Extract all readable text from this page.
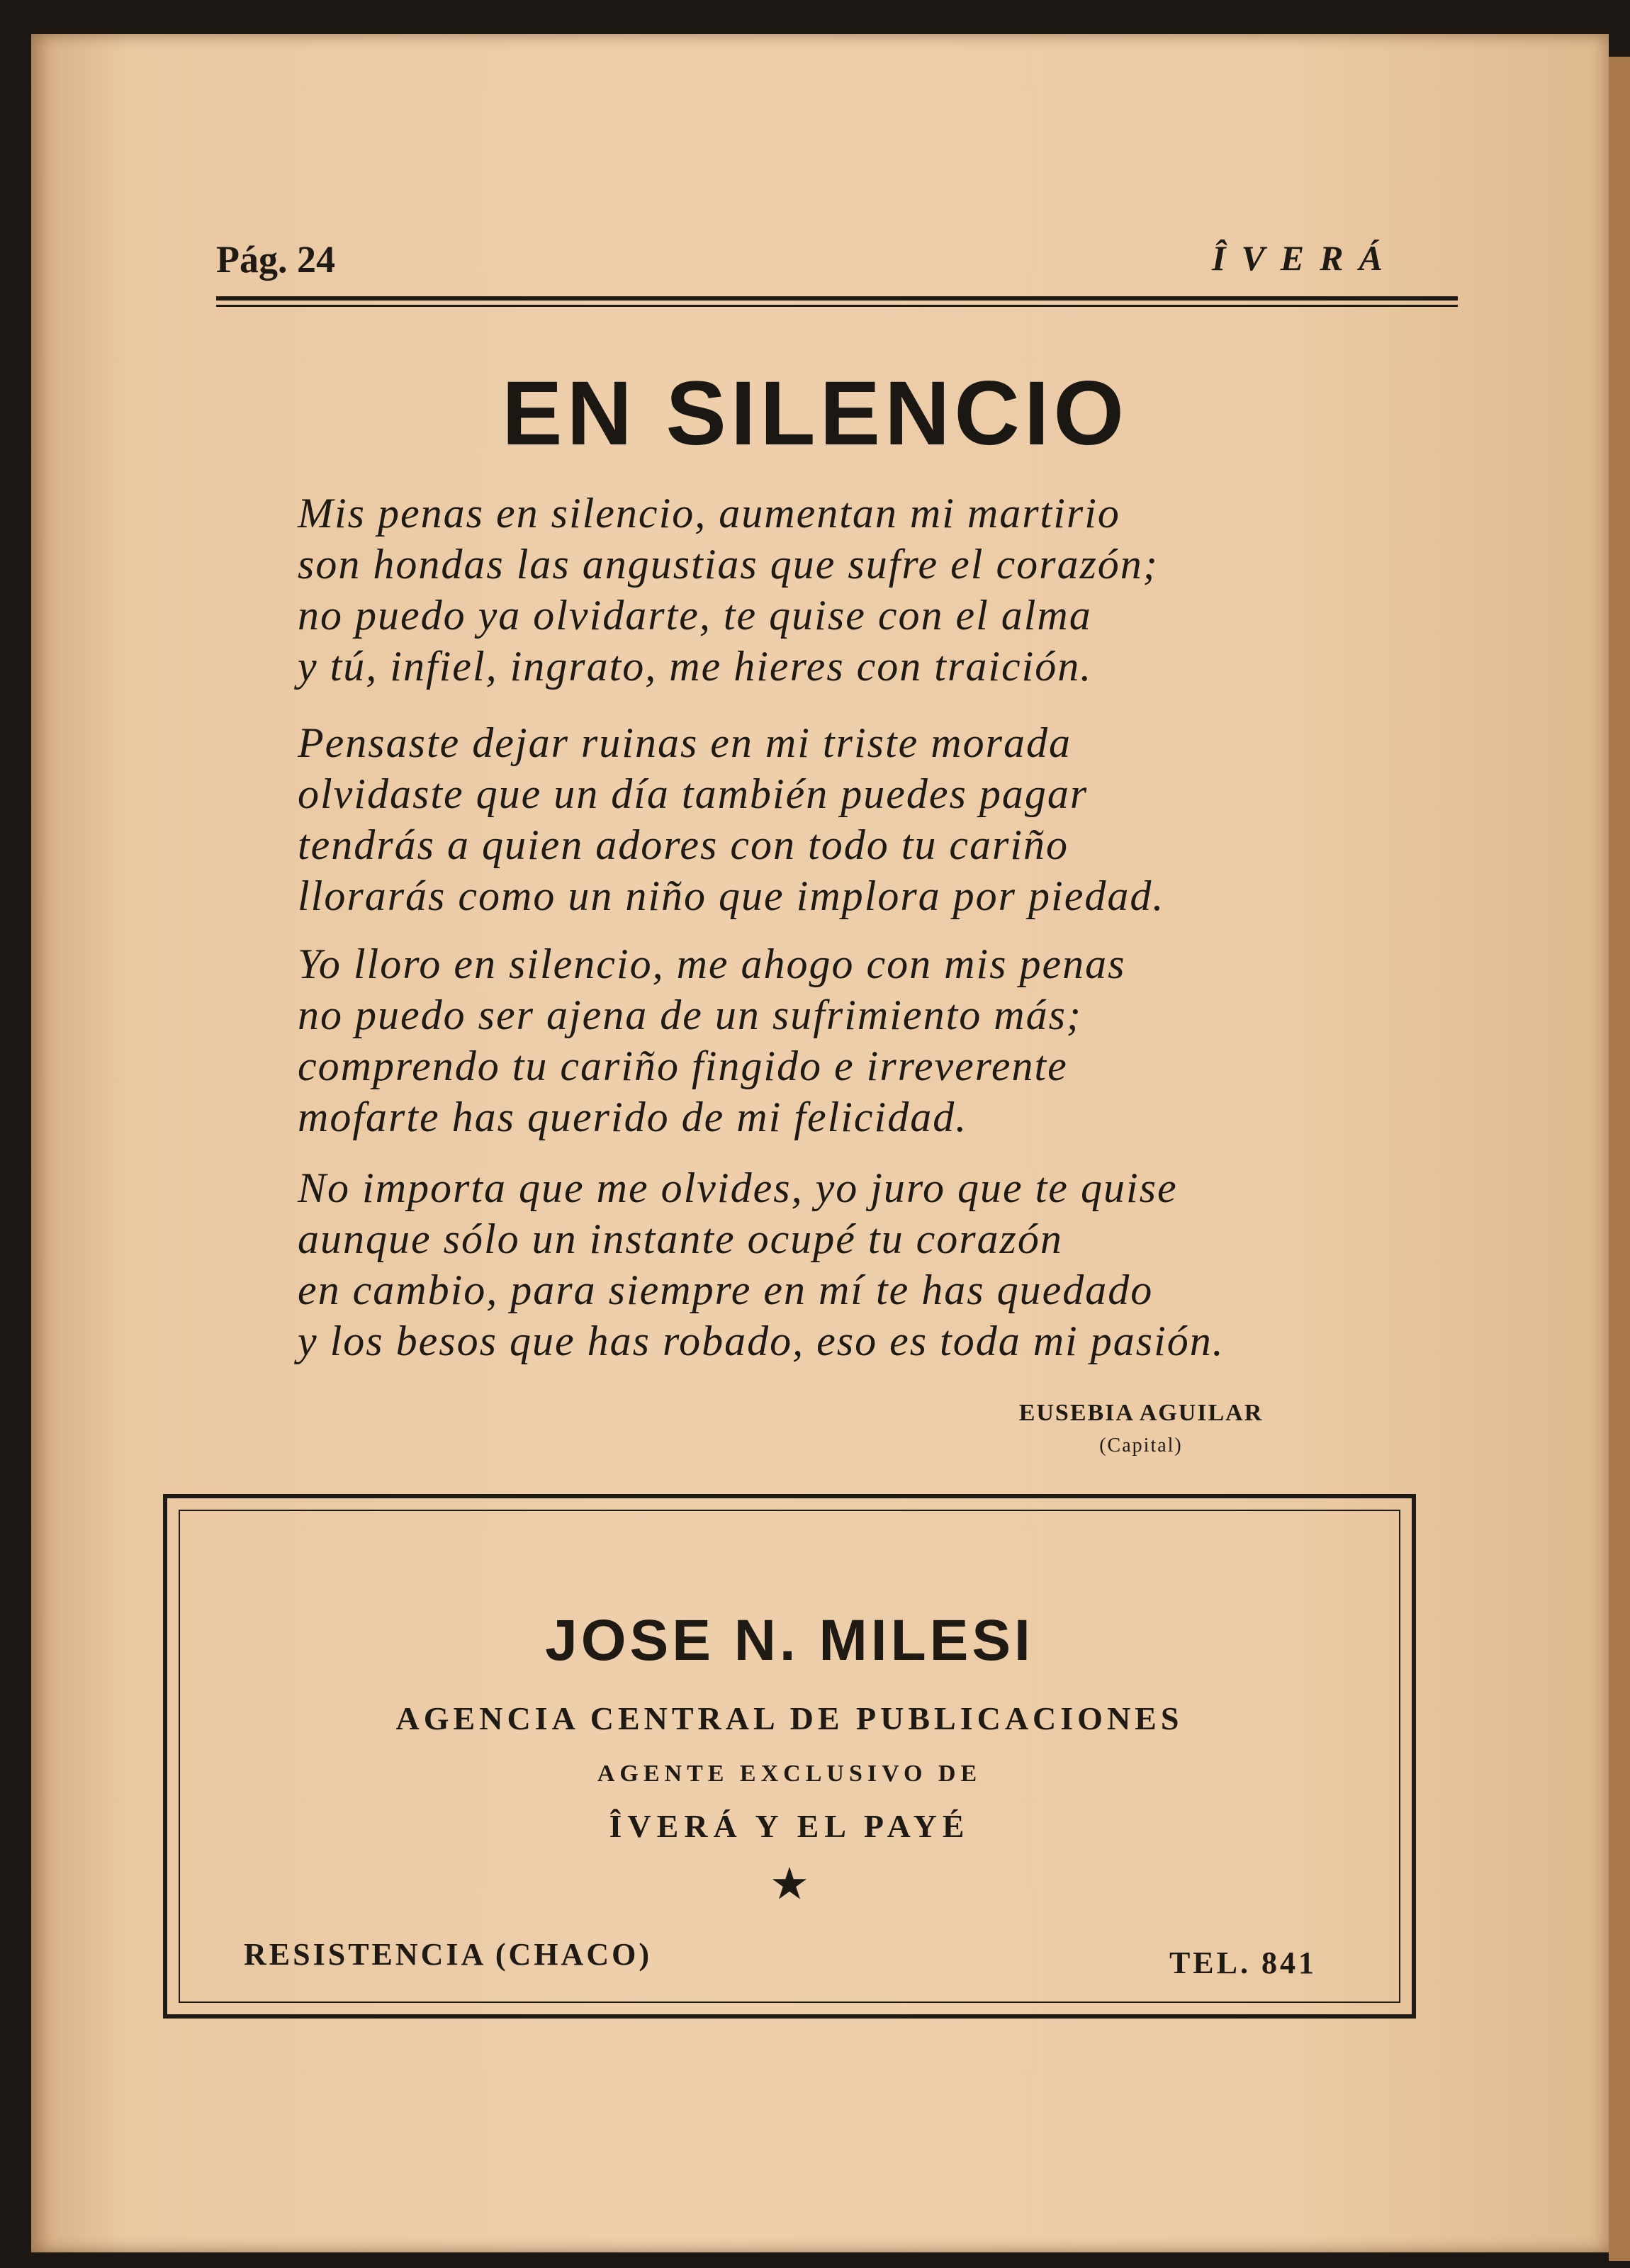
Pág. 24	ÎVERÁ
EN SILENCIO
Mis penas en silencio, aumentan mi martirio
son hondas las angustias que sufre el corazón;
no puedo ya olvidarte, te quise con el alma
y tú, infiel, ingrato, me hieres con traición.
Pensaste dejar ruinas en mi triste morada
olvidaste que un día también puedes pagar
tendrás a quien adores con todo tu cariño
llorarás como un niño que implora por piedad.
Yo lloro en silencio, me ahogo con mis penas
no puedo ser ajena de un sufrimiento más;
comprendo tu cariño fingido e irreverente
mofarte has querido de mi felicidad.
No importa que me olvides, yo juro que te quise
aunque sólo un instante ocupé tu corazón
en cambio, para siempre en mí te has quedado
y los besos que has robado, eso es toda mi pasión.
EUSEBIA AGUILAR
(Capital)
JOSE N. MILESI
AGENCIA CENTRAL DE PUBLICACIONES
AGENTE EXCLUSIVO DE
ÎVERÁ Y EL PAYÉ
★
RESISTENCIA (CHACO)	TEL. 841
